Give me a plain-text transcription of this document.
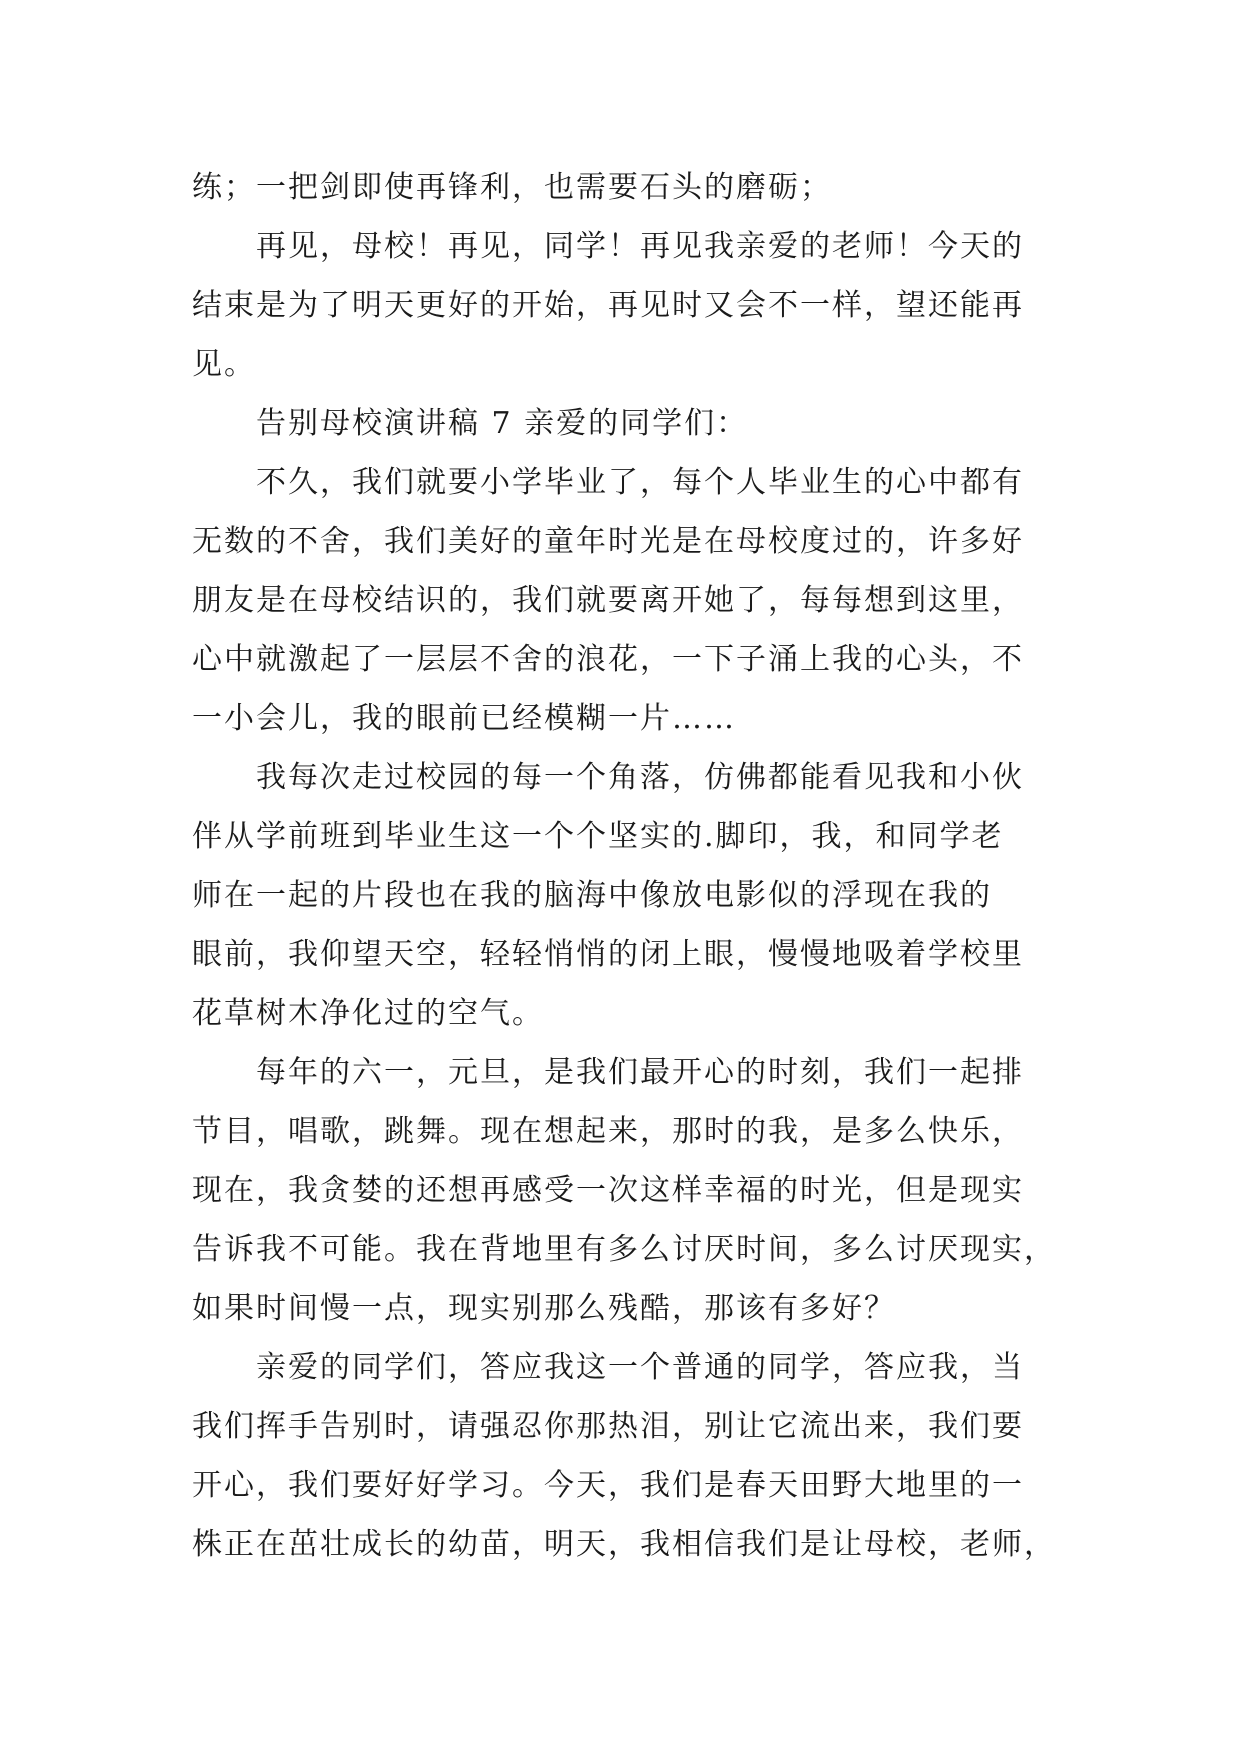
练；一把剑即使再锋利，也需要石头的磨砺；
再见，母校！再见，同学！再见我亲爱的老师！今天的
结束是为了明天更好的开始，再见时又会不一样，望还能再
见。
告别母校演讲稿 7 亲爱的同学们：
不久，我们就要小学毕业了，每个人毕业生的心中都有
无数的不舍，我们美好的童年时光是在母校度过的，许多好
朋友是在母校结识的，我们就要离开她了，每每想到这里，
心中就激起了一层层不舍的浪花，一下子涌上我的心头，不
一小会儿，我的眼前已经模糊一片……
我每次走过校园的每一个角落，仿佛都能看见我和小伙
伴从学前班到毕业生这一个个坚实的.脚印，我，和同学老
师在一起的片段也在我的脑海中像放电影似的浮现在我的
眼前，我仰望天空，轻轻悄悄的闭上眼，慢慢地吸着学校里
花草树木净化过的空气。
每年的六一，元旦，是我们最开心的时刻，我们一起排
节目，唱歌，跳舞。现在想起来，那时的我，是多么快乐，
现在，我贪婪的还想再感受一次这样幸福的时光，但是现实
告诉我不可能。我在背地里有多么讨厌时间，多么讨厌现实，
如果时间慢一点，现实别那么残酷，那该有多好？
亲爱的同学们，答应我这一个普通的同学，答应我，当
我们挥手告别时，请强忍你那热泪，别让它流出来，我们要
开心，我们要好好学习。今天，我们是春天田野大地里的一
株正在茁壮成长的幼苗，明天，我相信我们是让母校，老师，
